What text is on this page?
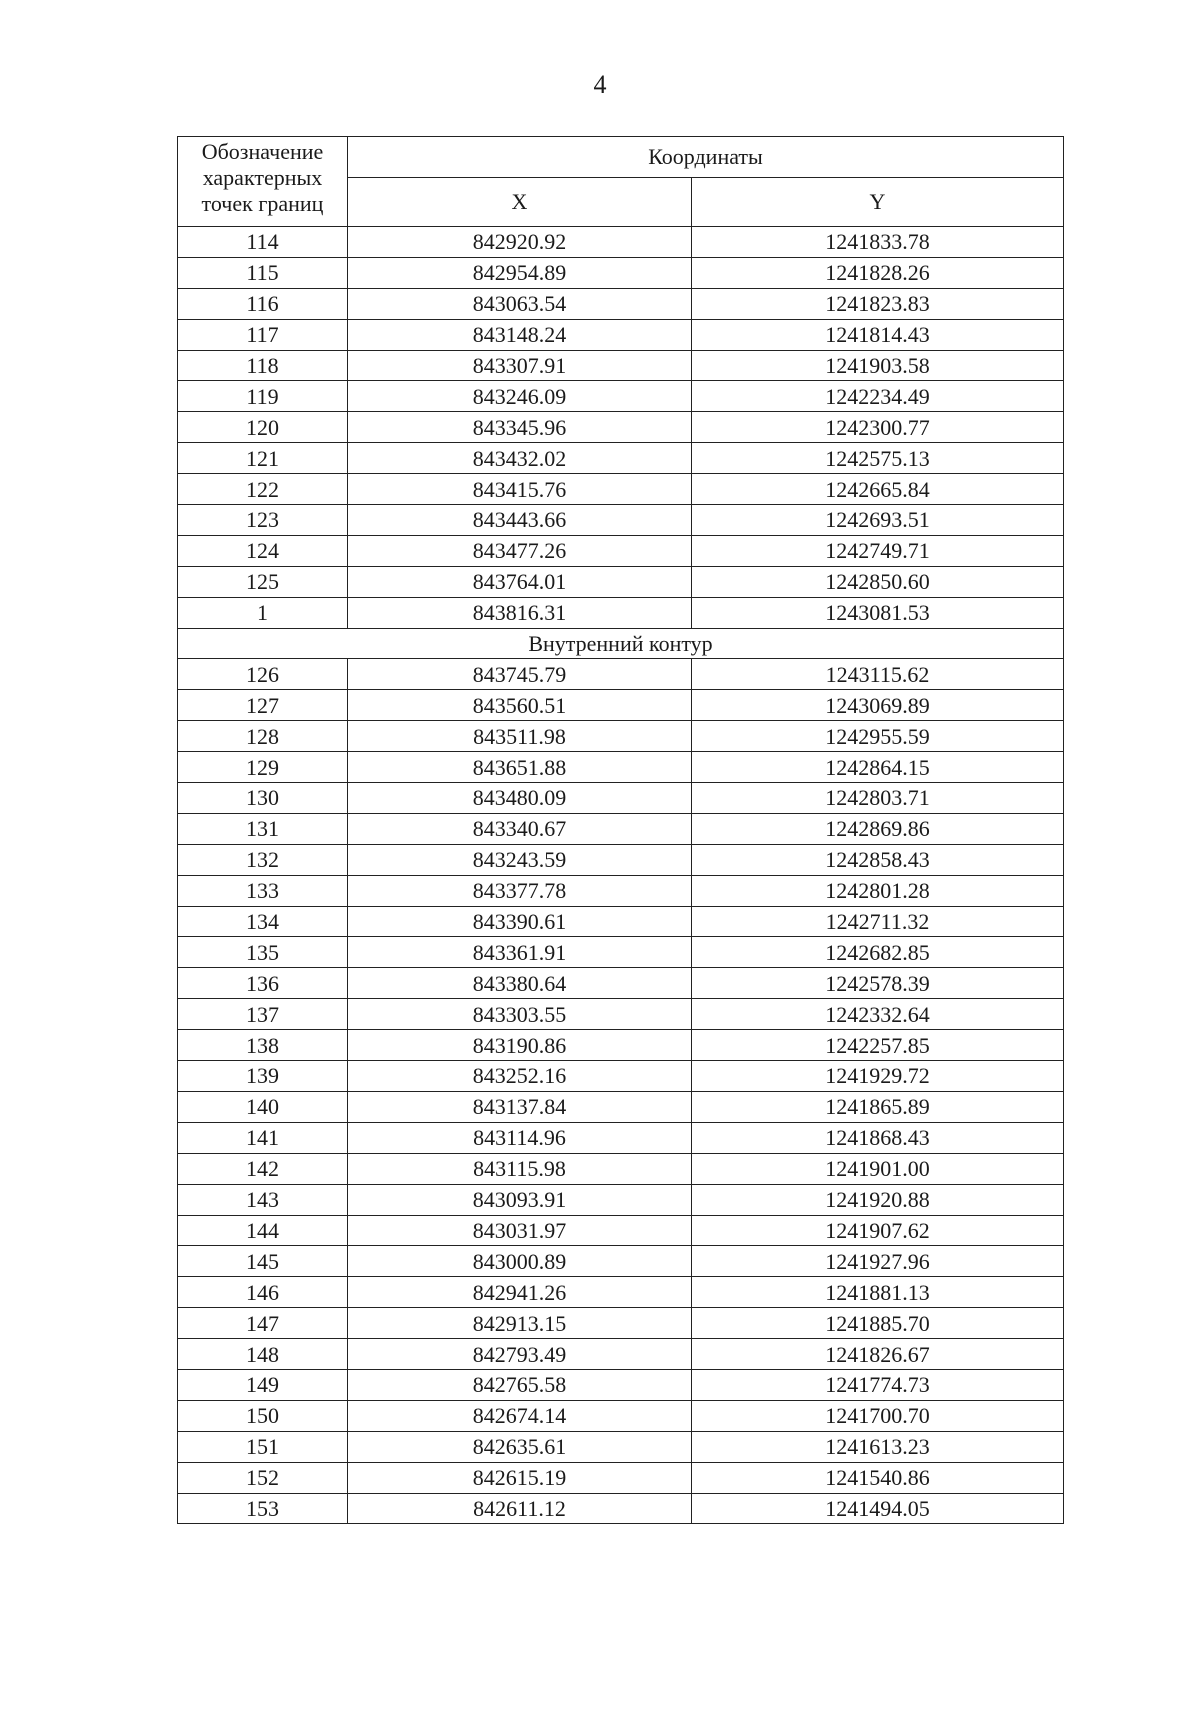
4
Обозначение
характерных
точек границ	Координаты	
	X	Y
114	842920.92	1241833.78
115	842954.89	1241828.26
116	843063.54	1241823.83
117	843148.24	1241814.43
118	843307.91	1241903.58
119	843246.09	1242234.49
120	843345.96	1242300.77
121	843432.02	1242575.13
122	843415.76	1242665.84
123	843443.66	1242693.51
124	843477.26	1242749.71
125	843764.01	1242850.60
1	843816.31	1243081.53
Внутренний контур		
126	843745.79	1243115.62
127	843560.51	1243069.89
128	843511.98	1242955.59
129	843651.88	1242864.15
130	843480.09	1242803.71
131	843340.67	1242869.86
132	843243.59	1242858.43
133	843377.78	1242801.28
134	843390.61	1242711.32
135	843361.91	1242682.85
136	843380.64	1242578.39
137	843303.55	1242332.64
138	843190.86	1242257.85
139	843252.16	1241929.72
140	843137.84	1241865.89
141	843114.96	1241868.43
142	843115.98	1241901.00
143	843093.91	1241920.88
144	843031.97	1241907.62
145	843000.89	1241927.96
146	842941.26	1241881.13
147	842913.15	1241885.70
148	842793.49	1241826.67
149	842765.58	1241774.73
150	842674.14	1241700.70
151	842635.61	1241613.23
152	842615.19	1241540.86
153	842611.12	1241494.05
